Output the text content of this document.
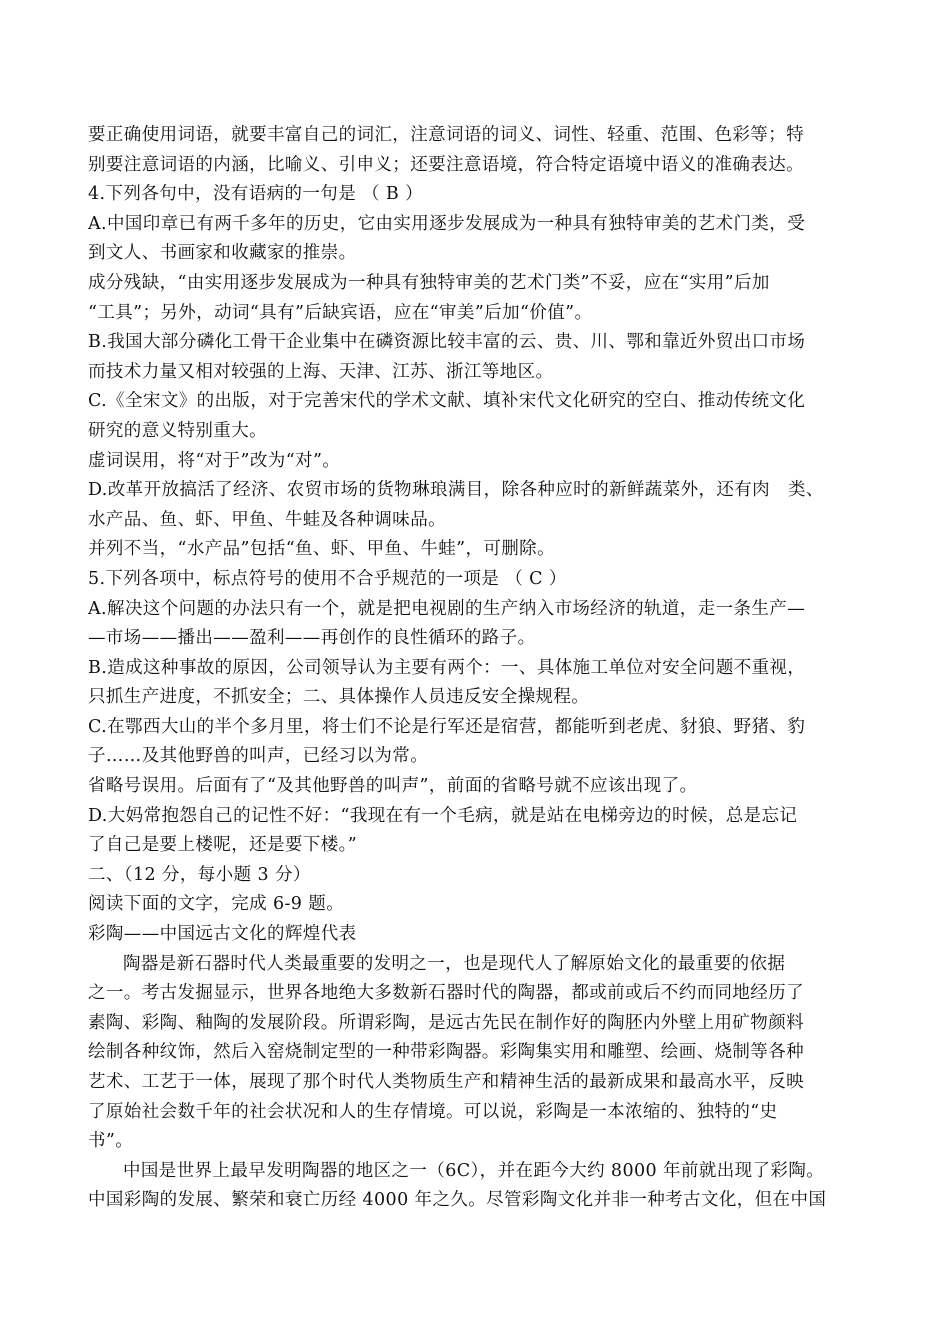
要正确使用词语，就要丰富自己的词汇，注意词语的词义、词性、轻重、范围、色彩等；特
别要注意词语的内涵，比喻义、引申义；还要注意语境，符合特定语境中语义的准确表达。
4.下列各句中，没有语病的一句是 （ B ）
A.中国印章已有两千多年的历史，它由实用逐步发展成为一种具有独特审美的艺术门类，受
到文人、书画家和收藏家的推崇。
成分残缺，“由实用逐步发展成为一种具有独特审美的艺术门类”不妥，应在“实用”后加
“工具”；另外，动词“具有”后缺宾语，应在“审美”后加“价值”。
B.我国大部分磷化工骨干企业集中在磷资源比较丰富的云、贵、川、鄂和靠近外贸出口市场
而技术力量又相对较强的上海、天津、江苏、浙江等地区。
C.《全宋文》的出版，对于完善宋代的学术文献、填补宋代文化研究的空白、推动传统文化
研究的意义特别重大。
虚词误用，将“对于”改为“对”。
D.改革开放搞活了经济、农贸市场的货物琳琅满目，除各种应时的新鲜蔬菜外，还有肉　类、
水产品、鱼、虾、甲鱼、牛蛙及各种调味品。
并列不当，“水产品”包括“鱼、虾、甲鱼、牛蛙”，可删除。
5.下列各项中，标点符号的使用不合乎规范的一项是 （ C ）
A.解决这个问题的办法只有一个，就是把电视剧的生产纳入市场经济的轨道，走一条生产—
—市场——播出——盈利——再创作的良性循环的路子。
B.造成这种事故的原因，公司领导认为主要有两个：一、具体施工单位对安全问题不重视，
只抓生产进度，不抓安全；二、具体操作人员违反安全操规程。
C.在鄂西大山的半个多月里，将士们不论是行军还是宿营，都能听到老虎、豺狼、野猪、豹
子……及其他野兽的叫声，已经习以为常。
省略号误用。后面有了“及其他野兽的叫声”，前面的省略号就不应该出现了。
D.大妈常抱怨自己的记性不好：“我现在有一个毛病，就是站在电梯旁边的时候，总是忘记
了自己是要上楼呢，还是要下楼。”
二、（12 分，每小题 3 分）
阅读下面的文字，完成 6-9 题。
彩陶——中国远古文化的辉煌代表
陶器是新石器时代人类最重要的发明之一，也是现代人了解原始文化的最重要的依据
之一。考古发掘显示，世界各地绝大多数新石器时代的陶器，都或前或后不约而同地经历了
素陶、彩陶、釉陶的发展阶段。所谓彩陶，是远古先民在制作好的陶胚内外壁上用矿物颜料
绘制各种纹饰，然后入窑烧制定型的一种带彩陶器。彩陶集实用和雕塑、绘画、烧制等各种
艺术、工艺于一体，展现了那个时代人类物质生产和精神生活的最新成果和最高水平，反映
了原始社会数千年的社会状况和人的生存情境。可以说，彩陶是一本浓缩的、独特的“史
书”。
中国是世界上最早发明陶器的地区之一（6C），并在距今大约 8000 年前就出现了彩陶。
中国彩陶的发展、繁荣和衰亡历经 4000 年之久。尽管彩陶文化并非一种考古文化，但在中国
